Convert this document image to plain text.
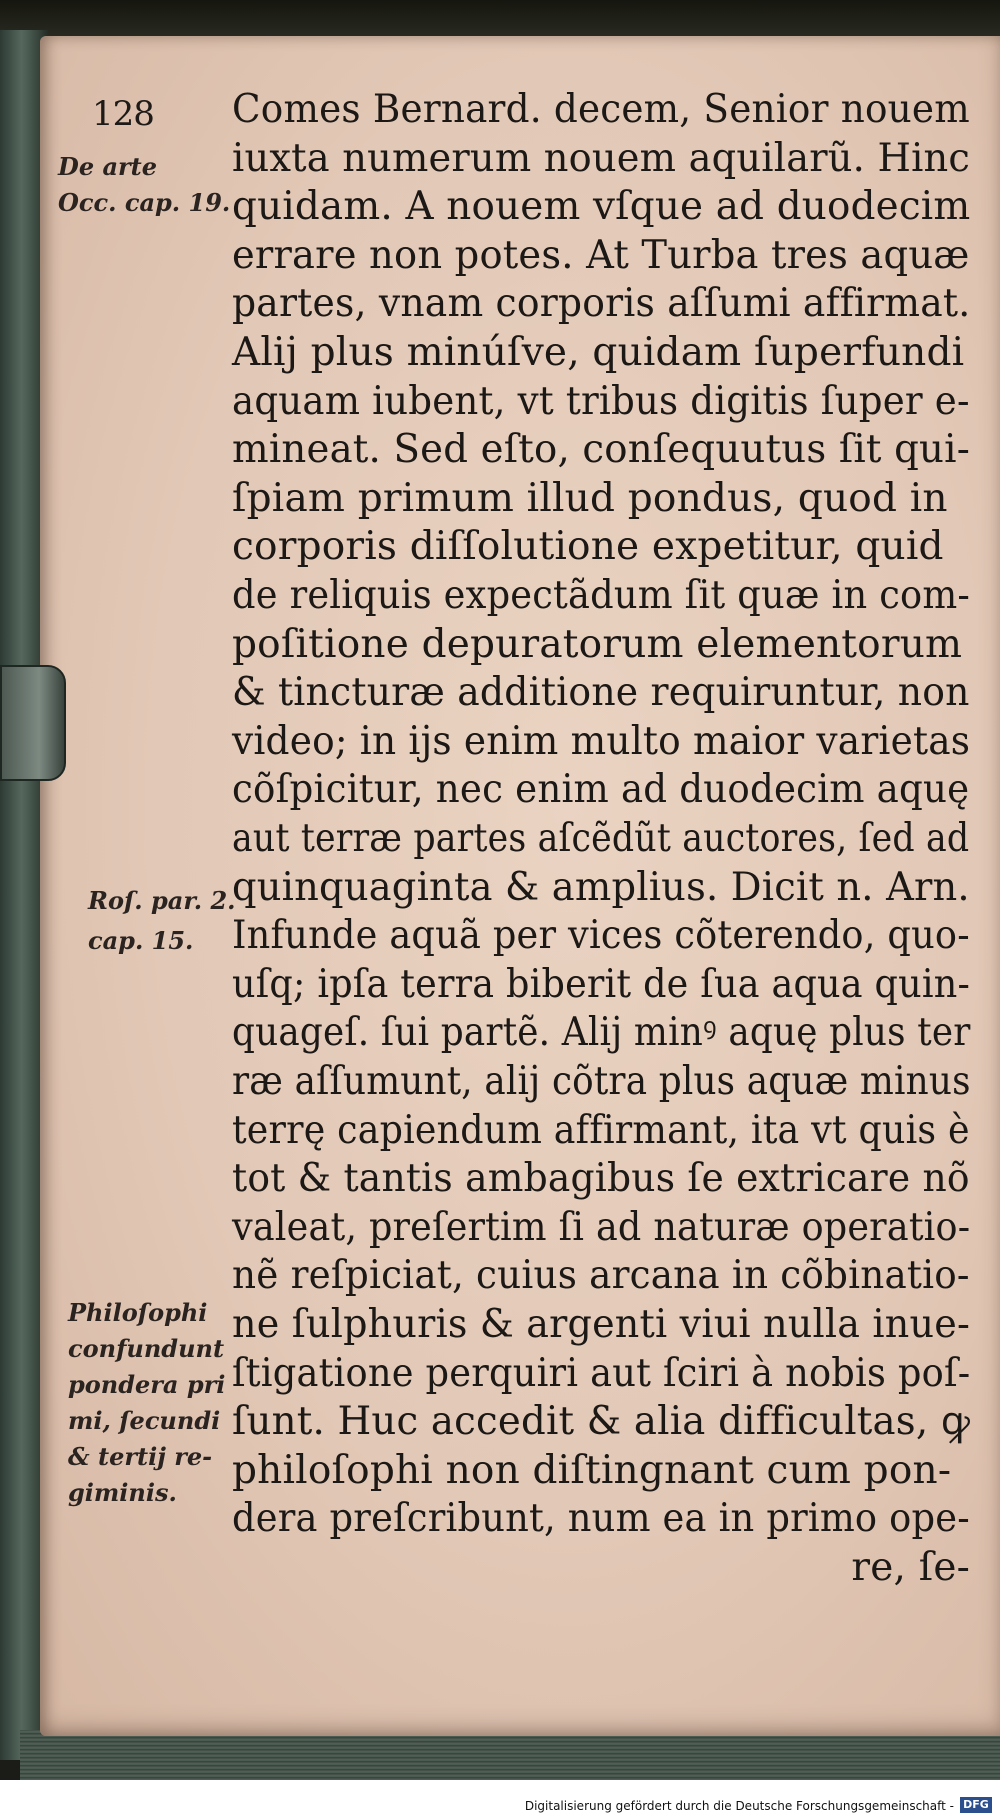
128 Comes Bernard. decem, Senior nouem
iuxta numerum nouem aquilarũ. Hinc
quidam. A nouem vſque ad duodecim
errare non potes. At Turba tres aquæ
partes, vnam corporis aſſumi affirmat.
Alij plus minúſve, quidam ſuperfundi
aquam iubent, vt tribus digitis ſuper e-
mineat. Sed eſto, conſequutus ſit qui-
ſpiam primum illud pondus, quod in
corporis diſſolutione expetitur, quid
de reliquis expectãdum ſit quæ in com-
poſitione depuratorum elementorum
& tincturæ additione requiruntur, non
video; in ijs enim multo maior varietas
cõſpicitur, nec enim ad duodecim aquę
aut terræ partes aſcẽdũt auctores, ſed ad
quinquaginta & amplius. Dicit n. Arn.
Infunde aquã per vices cõterendo, quo-
uſq; ipſa terra biberit de ſua aqua quin-
quageſ. ſui partẽ. Alij minꝰ aquę plus ter
ræ aſſumunt, alij cõtra plus aquæ minus
terrę capiendum affirmant, ita vt quis è
tot & tantis ambagibus ſe extricare nõ
valeat, preſertim ſi ad naturæ operatio-
nẽ reſpiciat, cuius arcana in cõbinatio-
ne ſulphuris & argenti viui nulla inue-
ſtigatione perquiri aut ſciri à nobis poſ-
ſunt. Huc accedit & alia difficultas, ꝙ
philoſophi non diſtingnant cum pon-
dera preſcribunt, num ea in primo ope-
re, ſe-
De arte
Occ. cap. 19.
Roſ. par. 2.
cap. 15.
Philoſophi
confundunt
pondera pri
mi, ſecundi
& tertij re-
giminis.
Digitalisierung gefördert durch die Deutsche Forschungsgemeinschaft - DFG
